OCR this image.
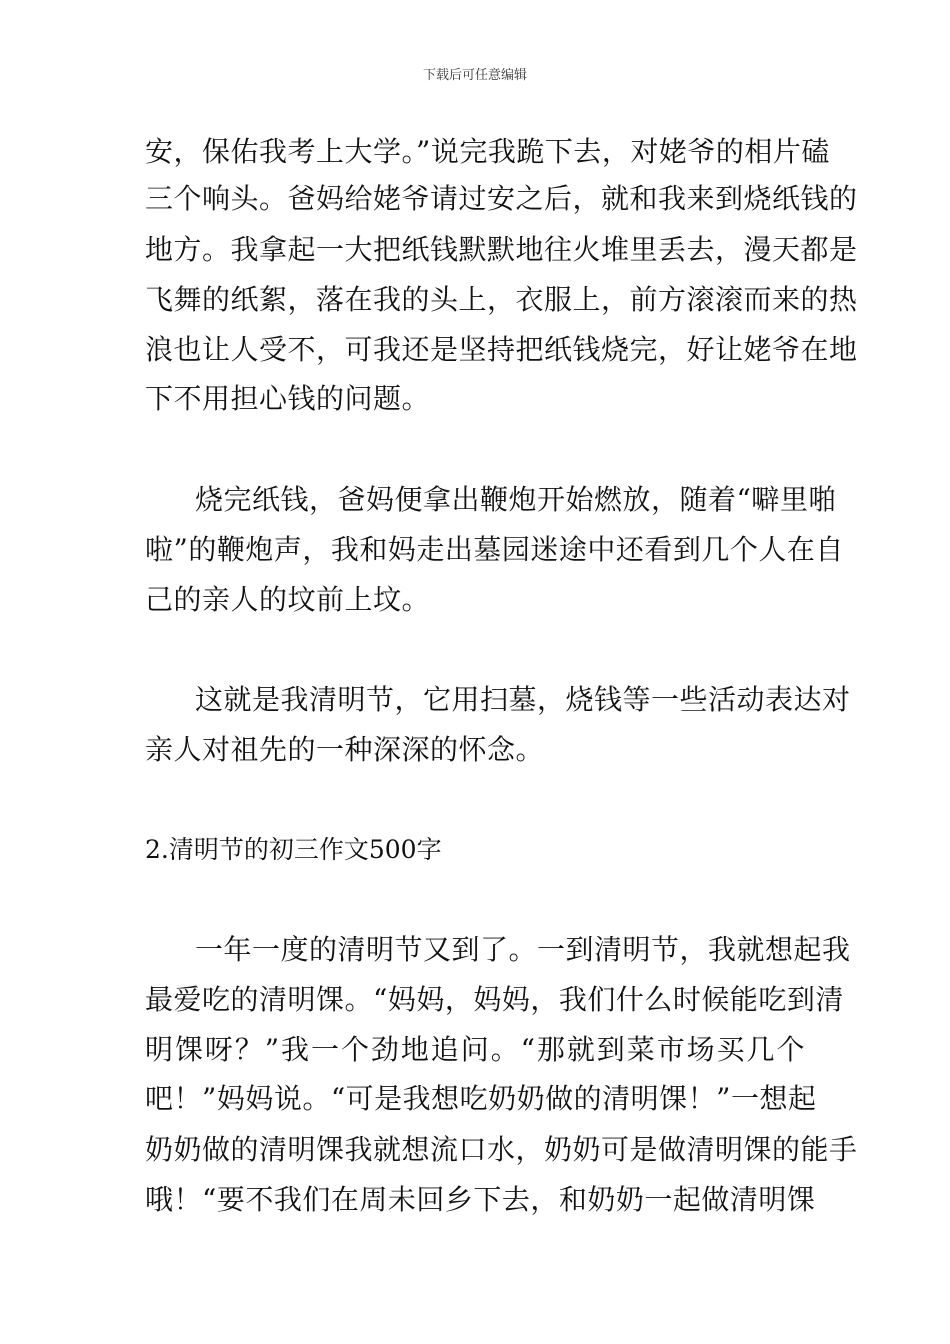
下载后可任意编辑
安，保佑我考上大学。”说完我跪下去，对姥爷的相片磕
三个响头。爸妈给姥爷请过安之后，就和我来到烧纸钱的
地方。我拿起一大把纸钱默默地往火堆里丢去，漫天都是
飞舞的纸絮，落在我的头上，衣服上，前方滚滚而来的热
浪也让人受不，可我还是坚持把纸钱烧完，好让姥爷在地
下不用担心钱的问题。
烧完纸钱，爸妈便拿出鞭炮开始燃放，随着“噼里啪
啦”的鞭炮声，我和妈走出墓园迷途中还看到几个人在自
己的亲人的坟前上坟。
这就是我清明节，它用扫墓，烧钱等一些活动表达对
亲人对祖先的一种深深的怀念。
2.清明节的初三作文500字
一年一度的清明节又到了。一到清明节，我就想起我
最爱吃的清明馃。“妈妈，妈妈，我们什么时候能吃到清
明馃呀？”我一个劲地追问。“那就到菜市场买几个
吧！”妈妈说。“可是我想吃奶奶做的清明馃！”一想起
奶奶做的清明馃我就想流口水，奶奶可是做清明馃的能手
哦！“要不我们在周未回乡下去，和奶奶一起做清明馃
